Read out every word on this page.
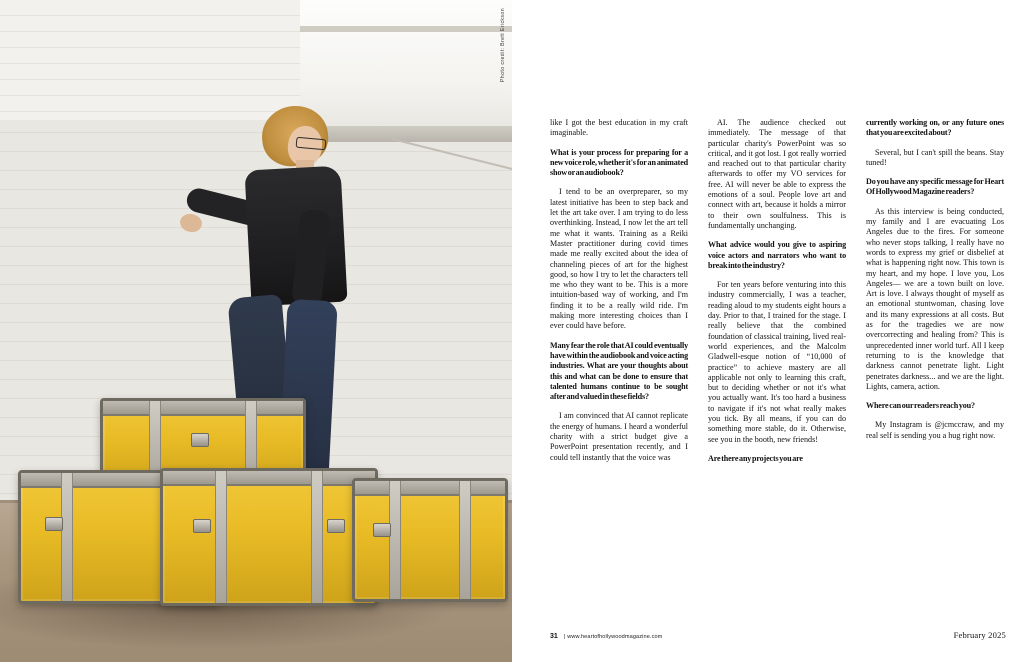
Photo credit: Brett Erickson

like I got the best education in my craft imaginable.

What is your process for preparing for a new voice role, whether it's for an animated show or an audiobook?

I tend to be an overpreparer, so my latest initiative has been to step back and let the art take over. I am trying to do less overthinking. Instead, I now let the art tell me what it wants. Training as a Reiki Master practitioner during covid times made me really excited about the idea of channeling pieces of art for the highest good, so how I try to let the characters tell me who they want to be. This is a more intuition-based way of working, and I'm finding it to be a really wild ride. I'm making more interesting choices than I ever could have before.

Many fear the role that AI could eventually have within the audiobook and voice acting industries. What are your thoughts about this and what can be done to ensure that talented humans continue to be sought after and valued in these fields?

I am convinced that AI cannot replicate the energy of humans. I heard a wonderful charity with a strict budget give a PowerPoint presentation recently, and I could tell instantly that the voice was

AI. The audience checked out immediately. The message of that particular charity's PowerPoint was so critical, and it got lost. I got really worried and reached out to that particular charity afterwards to offer my VO services for free. AI will never be able to express the emotions of a soul. People love art and connect with art, because it holds a mirror to their own soulfulness. This is fundamentally unchanging.

What advice would you give to aspiring voice actors and narrators who want to break into the industry?

For ten years before venturing into this industry commercially, I was a teacher, reading aloud to my students eight hours a day. Prior to that, I trained for the stage. I really believe that the combined foundation of classical training, lived real-world experiences, and the Malcolm Gladwell-esque notion of “10,000 of practice” to achieve mastery are all applicable not only to learning this craft, but to deciding whether or not it's what you actually want. It's too hard a business to navigate if it's not what really makes you tick. By all means, if you can do something more stable, do it. Otherwise, see you in the booth, new friends!

Are there any projects you are

currently working on, or any future ones that you are excited about?

Several, but I can't spill the beans. Stay tuned!

Do you have any specific message for Heart Of Hollywood Magazine readers?

As this interview is being conducted, my family and I are evacuating Los Angeles due to the fires. For someone who never stops talking, I really have no words to express my grief or disbelief at what is happening right now. This town is my heart, and my hope. I love you, Los Angeles— we are a town built on love. Art is love. I always thought of myself as an emotional stuntwoman, chasing love and its many expressions at all costs. But as for the tragedies we are now overcorrecting and healing from? This is unprecedented inner world turf. All I keep returning to is the knowledge that darkness cannot penetrate light. Light penetrates darkness... and we are the light. Lights, camera, action.

Where can our readers reach you?

My Instagram is @jcmccraw, and my real self is sending you a hug right now.

31 | www.heartofhollywoodmagazine.com	February 2025
